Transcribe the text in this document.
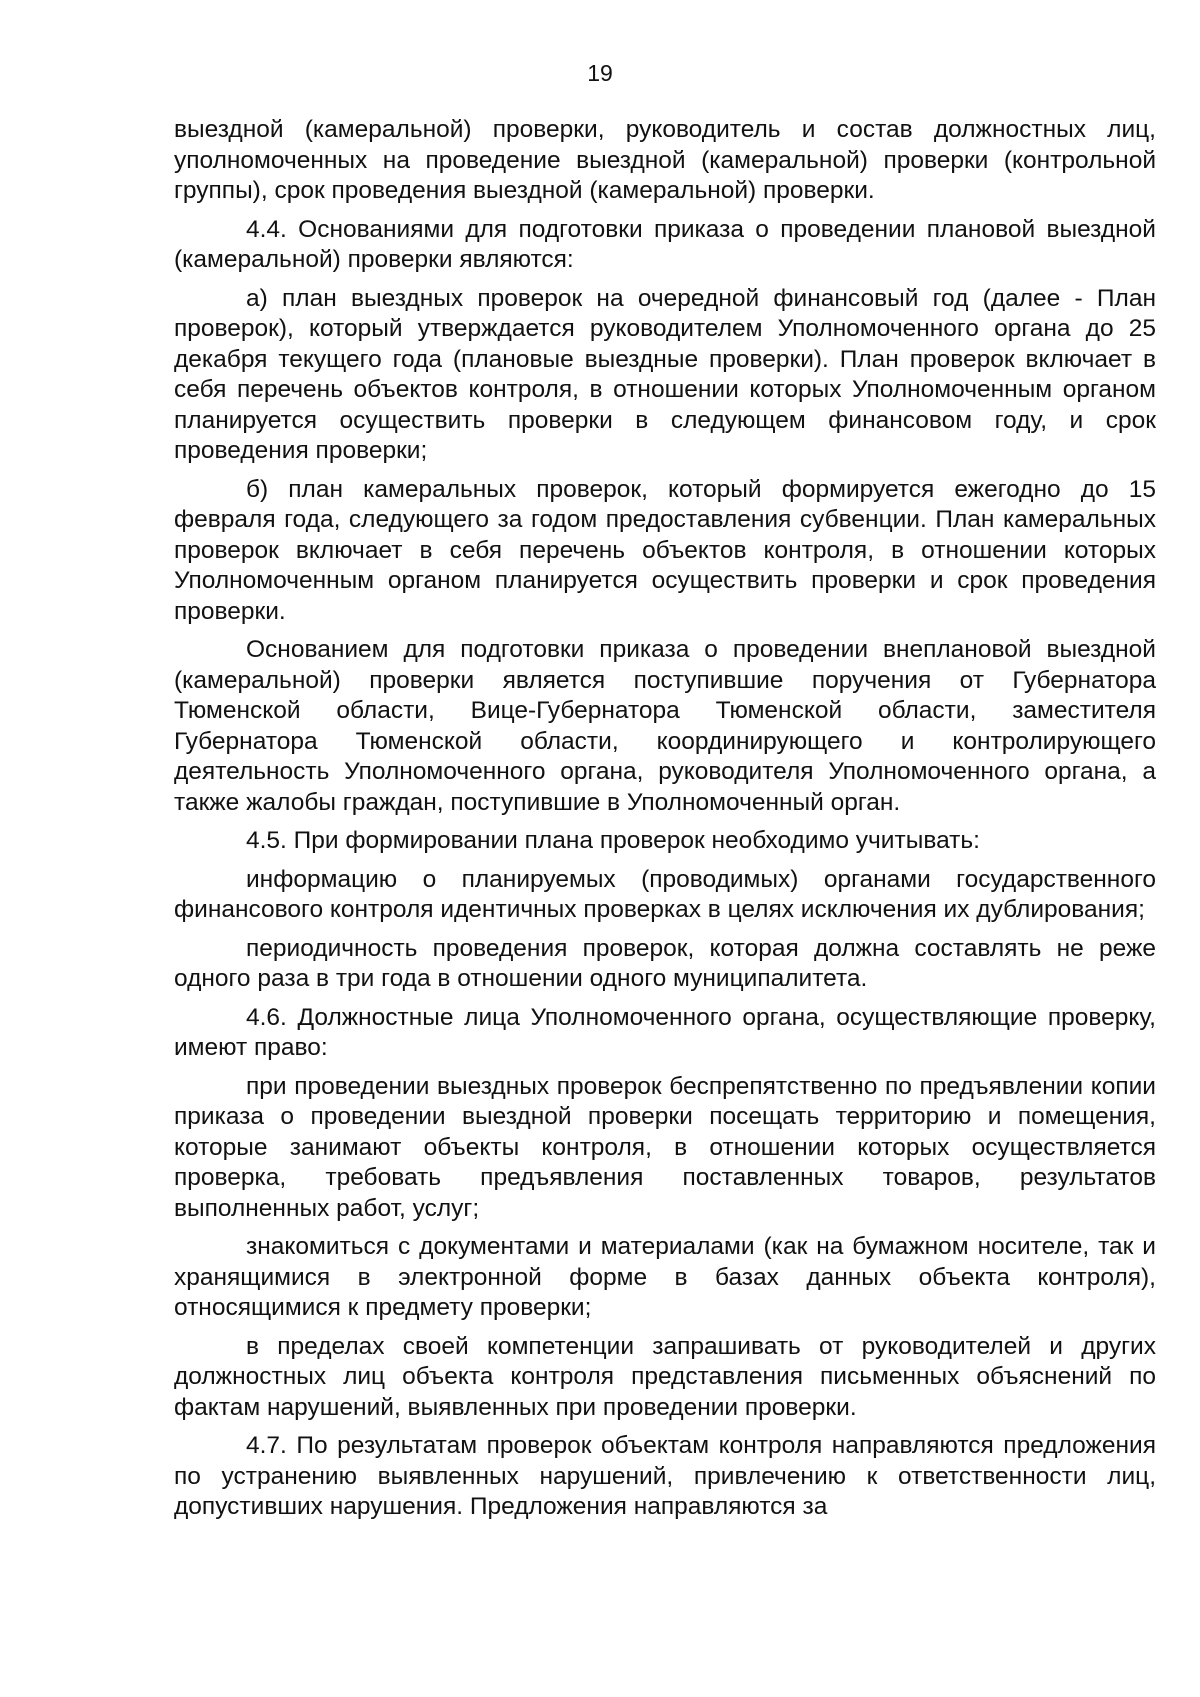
19

выездной (камеральной) проверки, руководитель и состав должностных лиц, уполномоченных на проведение выездной (камеральной) проверки (контрольной группы), срок проведения выездной (камеральной) проверки.

4.4. Основаниями для подготовки приказа о проведении плановой выездной (камеральной) проверки являются:

а) план выездных проверок на очередной финансовый год (далее - План проверок), который утверждается руководителем Уполномоченного органа до 25 декабря текущего года (плановые выездные проверки). План проверок включает в себя перечень объектов контроля, в отношении которых Уполномоченным органом планируется осуществить проверки в следующем финансовом году, и срок проведения проверки;

б) план камеральных проверок, который формируется ежегодно до 15 февраля года, следующего за годом предоставления субвенции. План камеральных проверок включает в себя перечень объектов контроля, в отношении которых Уполномоченным органом планируется осуществить проверки и срок проведения проверки.

Основанием для подготовки приказа о проведении внеплановой выездной (камеральной) проверки является поступившие поручения от Губернатора Тюменской области, Вице-Губернатора Тюменской области, заместителя Губернатора Тюменской области, координирующего и контролирующего деятельность Уполномоченного органа, руководителя Уполномоченного органа, а также жалобы граждан, поступившие в Уполномоченный орган.

4.5. При формировании плана проверок необходимо учитывать:

информацию о планируемых (проводимых) органами государственного финансового контроля идентичных проверках в целях исключения их дублирования;

периодичность проведения проверок, которая должна составлять не реже одного раза в три года в отношении одного муниципалитета.

4.6. Должностные лица Уполномоченного органа, осуществляющие проверку, имеют право:

при проведении выездных проверок беспрепятственно по предъявлении копии приказа о проведении выездной проверки посещать территорию и помещения, которые занимают объекты контроля, в отношении которых осуществляется проверка, требовать предъявления поставленных товаров, результатов выполненных работ, услуг;

знакомиться с документами и материалами (как на бумажном носителе, так и хранящимися в электронной форме в базах данных объекта контроля), относящимися к предмету проверки;

в пределах своей компетенции запрашивать от руководителей и других должностных лиц объекта контроля представления письменных объяснений по фактам нарушений, выявленных при проведении проверки.

4.7. По результатам проверок объектам контроля направляются предложения по устранению выявленных нарушений, привлечению к ответственности лиц, допустивших нарушения. Предложения направляются за
